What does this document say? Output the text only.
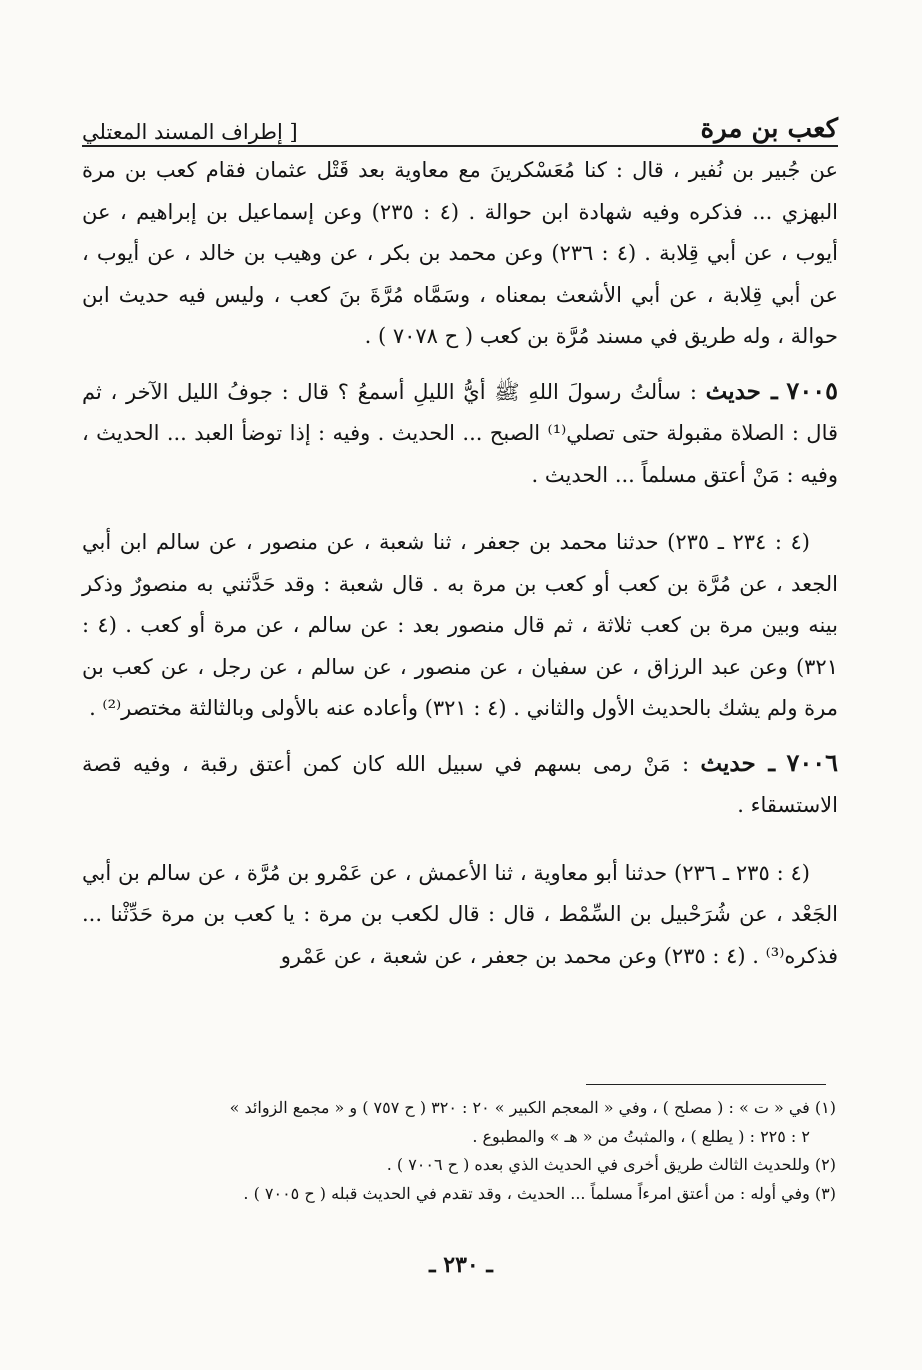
كعب بن مرة
[ إطراف المسند المعتلي

عن جُبير بن نُفير ، قال : كنا مُعَسْكرينَ مع معاوية بعد قَتْل عثمان فقام كعب بن مرة البهزي ... فذكره وفيه شهادة ابن حوالة . (٤ : ٢٣٥) وعن إسماعيل بن إبراهيم ، عن أيوب ، عن أبي قِلابة . (٤ : ٢٣٦) وعن محمد بن بكر ، عن وهيب بن خالد ، عن أيوب ، عن أبي قِلابة ، عن أبي الأشعث بمعناه ، وسَمَّاه مُرَّةَ بنَ كعب ، وليس فيه حديث ابن حوالة ، وله طريق في مسند مُرَّة بن كعب ( ح ٧٠٧٨ ) .

٧٠٠٥ ـ حديث : سألتُ رسولَ اللهِ ﷺ أيُّ الليلِ أسمعُ ؟ قال : جوفُ الليل الآخر ، ثم قال : الصلاة مقبولة حتى تصلي⁽¹⁾ الصبح ... الحديث . وفيه : إذا توضأ العبد ... الحديث ، وفيه : مَنْ أعتق مسلماً ... الحديث .

(٤ : ٢٣٤ ـ ٢٣٥) حدثنا محمد بن جعفر ، ثنا شعبة ، عن منصور ، عن سالم ابن أبي الجعد ، عن مُرَّة بن كعب أو كعب بن مرة به . قال شعبة : وقد حَدَّثني به منصورٌ وذكر بينه وبين مرة بن كعب ثلاثة ، ثم قال منصور بعد : عن سالم ، عن مرة أو كعب . (٤ : ٣٢١) وعن عبد الرزاق ، عن سفيان ، عن منصور ، عن سالم ، عن رجل ، عن كعب بن مرة ولم يشك بالحديث الأول والثاني . (٤ : ٣٢١) وأعاده عنه بالأولى وبالثالثة مختصر⁽²⁾ .

٧٠٠٦ ـ حديث : مَنْ رمى بسهم في سبيل الله كان كمن أعتق رقبة ، وفيه قصة الاستسقاء .

(٤ : ٢٣٥ ـ ٢٣٦) حدثنا أبو معاوية ، ثنا الأعمش ، عن عَمْرو بن مُرَّة ، عن سالم بن أبي الجَعْد ، عن شُرَحْبيل بن السِّمْط ، قال : قال لكعب بن مرة : يا كعب بن مرة حَدِّثْنا ... فذكره⁽³⁾ . (٤ : ٢٣٥) وعن محمد بن جعفر ، عن شعبة ، عن عَمْرو

(١) في « ت » : ( مصلح ) ، وفي « المعجم الكبير » ٢٠ : ٣٢٠ ( ح ٧٥٧ ) و « مجمع الزوائد »

٢ : ٢٢٥ : ( يطلع ) ، والمثبتُ من « هـ » والمطبوع .

(٢) وللحديث الثالث طريق أخرى في الحديث الذي بعده ( ح ٧٠٠٦ ) .

(٣) وفي أوله : من أعتق امرءاً مسلماً ... الحديث ، وقد تقدم في الحديث قبله ( ح ٧٠٠٥ ) .

ـ ٢٣٠ ـ
